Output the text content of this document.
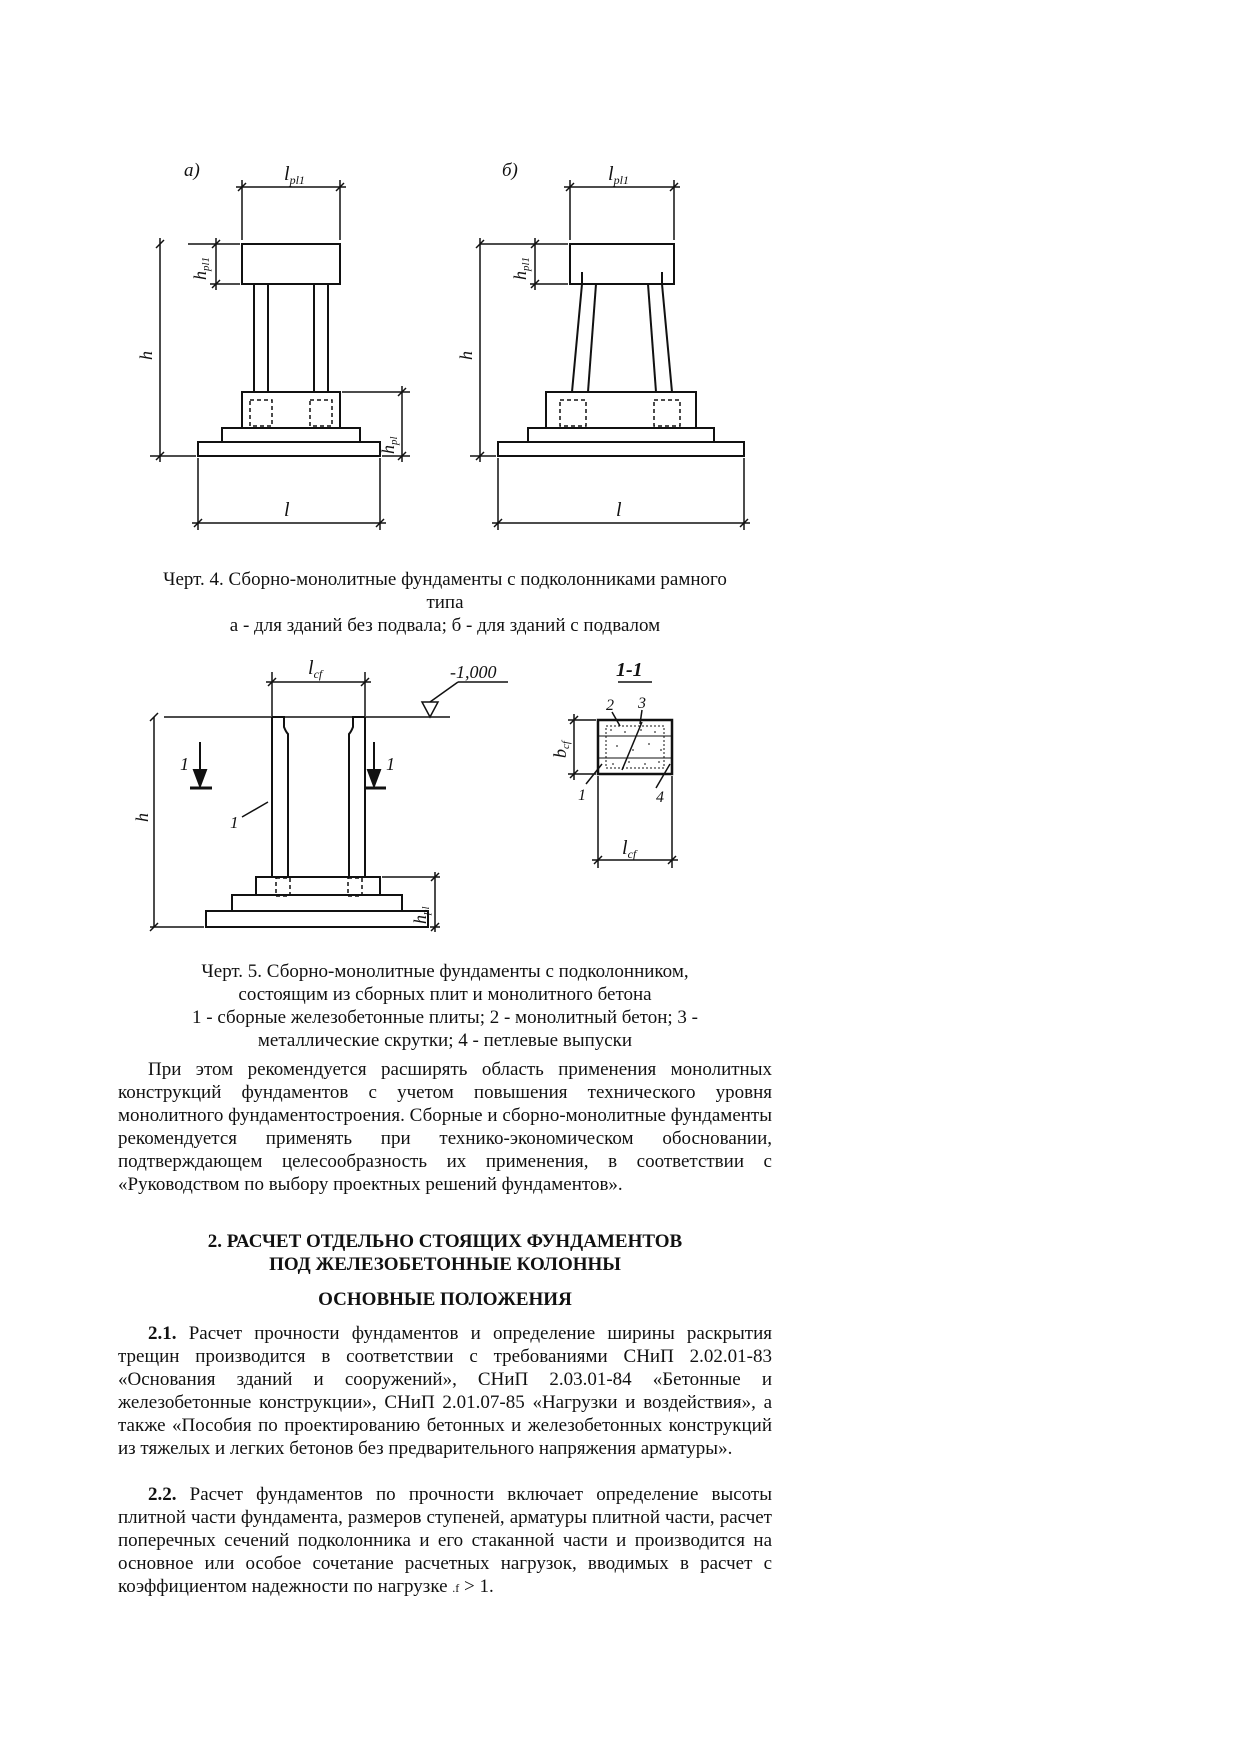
а)	б)
$l_{pl1}$	$l_{pl1}$
hpl1
hpl1
h	h
hpl
l	l
Черт. 4. Сборно-монолитные фундаменты с подколонниками рамного
типа
а - для зданий без подвала; б - для зданий с подвалом
$l_{cf}$	-1,000
1	1
1
h
hpl
1-1
2 3
1	4
bcf
$l_{cf}$
Черт. 5. Сборно-монолитные фундаменты с подколонником,
состоящим из сборных плит и монолитного бетона
1 - сборные железобетонные плиты; 2 - монолитный бетон; 3 -
металлические скрутки; 4 - петлевые выпуски

При этом рекомендуется расширять область применения монолитных конструкций фундаментов с учетом повышения технического уровня монолитного фундаментостроения. Сборные и сборно-монолитные фундаменты рекомендуется применять при технико-экономическом обосновании, подтверждающем целесообразность их применения, в соответствии с «Руководством по выбору проектных решений фундаментов».

2. РАСЧЕТ ОТДЕЛЬНО СТОЯЩИХ ФУНДАМЕНТОВ
ПОД ЖЕЛЕЗОБЕТОННЫЕ КОЛОННЫ
ОСНОВНЫЕ ПОЛОЖЕНИЯ

2.1. Расчет прочности фундаментов и определение ширины раскрытия трещин производится в соответствии с требованиями СНиП 2.02.01-83 «Основания зданий и сооружений», СНиП 2.03.01-84 «Бетонные и железобетонные конструкции», СНиП 2.01.07-85 «Нагрузки и воздействия», а также «Пособия по проектированию бетонных и железобетонных конструкций из тяжелых и легких бетонов без предварительного напряжения арматуры».

2.2. Расчет фундаментов по прочности включает определение высоты плитной части фундамента, размеров ступеней, арматуры плитной части, расчет поперечных сечений подколонника и его стаканной части и производится на основное или особое сочетание расчетных нагрузок, вводимых в расчет с коэффициентом надежности по нагрузке .f > 1.
